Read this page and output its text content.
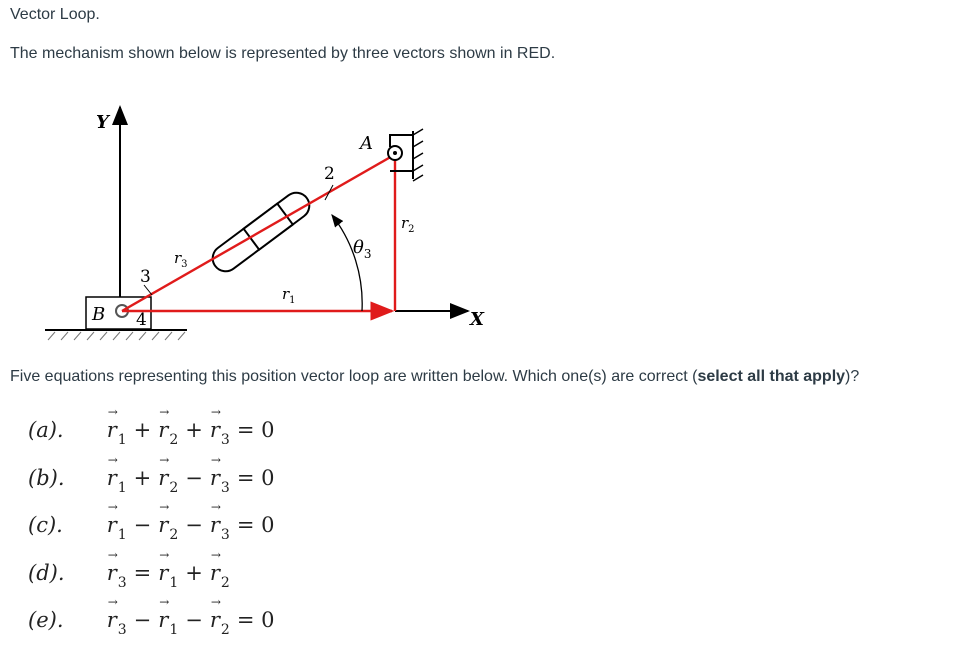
Vector Loop.
The mechanism shown below is represented by three vectors shown in RED.
Y
B 4	X
$\theta_3$
A
2
3
$r_3$
$r_1$
$r_2$
Five equations representing this position vector loop are written below. Which one(s) are correct (select all that apply)?
(a). → $r_1 +\to r_2 +\to r_3 = 0$
(b). → $r_1 +\to r_2 -\to r_3 = 0$
(c). → $r_1 -\to r_2 -\to r_3 = 0$
(d). → $r_3 =\to r_1 +\to r_2$
(e). → $r_3 -\to r_1 -\to r_2 = 0$
